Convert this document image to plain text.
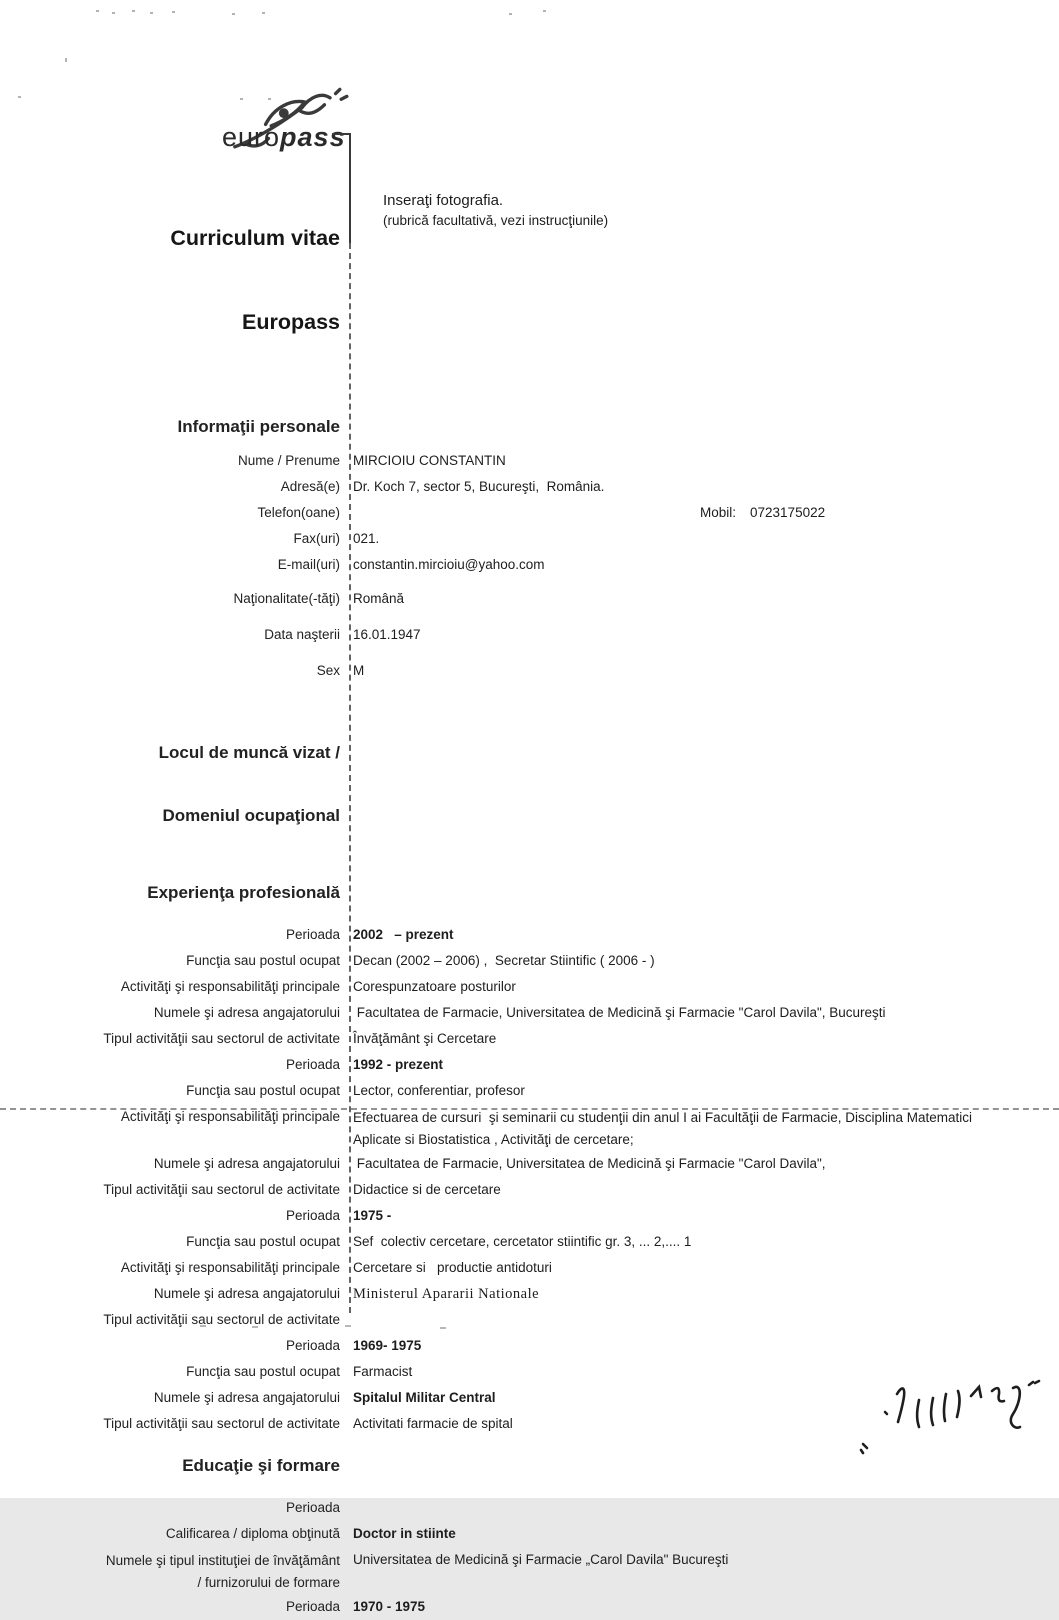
europass

Curriculum vitae

Europass

Inseraţi fotografia.
(rubrică facultativă, vezi instrucţiunile)

Informaţii personale
Nume / Prenume MIRCIOIU CONSTANTIN
Adresă(e) Dr. Koch 7, sector 5, Bucureşti,  România.
Telefon(oane)	Mobil: 0723175022
Fax(uri) 021.
E-mail(uri) constantin.mircioiu@yahoo.com
Naţionalitate(-tăţi) Română
Data naşterii 16.01.1947
Sex M

Locul de muncă vizat /

Domeniul ocupaţional

Experienţa profesională
Perioada 2002   – prezent
Funcţia sau postul ocupat Decan (2002 – 2006) ,  Secretar Stiintific ( 2006 - )
Activităţi şi responsabilităţi principale Corespunzatoare posturilor
Numele şi adresa angajatorului Facultatea de Farmacie, Universitatea de Medicină şi Farmacie "Carol Davila", Bucureşti
Tipul activităţii sau sectorul de activitate Învăţământ şi Cercetare
Perioada 1992 - prezent
Funcţia sau postul ocupat Lector, conferentiar, profesor
Activităţi şi responsabilităţi principale Efectuarea de cursuri  şi seminarii cu studenţii din anul I ai Facultăţii de Farmacie, Disciplina Matematici Aplicate si Biostatistica , Activităţi de cercetare;
Numele şi adresa angajatorului Facultatea de Farmacie, Universitatea de Medicină şi Farmacie "Carol Davila",
Tipul activităţii sau sectorul de activitate Didactice si de cercetare
Perioada 1975 -
Funcţia sau postul ocupat Sef  colectiv cercetare, cercetator stiintific gr. 3, ... 2,.... 1
Activităţi şi responsabilităţi principale Cercetare si   productie antidoturi
Numele şi adresa angajatorului Ministerul Apararii Nationale
Tipul activităţii sau sectorul de activitate
Perioada 1969- 1975
Funcţia sau postul ocupat Farmacist
Numele şi adresa angajatorului Spitalul Militar Central
Tipul activităţii sau sectorul de activitate Activitati farmacie de spital
Educaţie şi formare
Perioada
Calificarea / diploma obţinută Doctor in stiinte
Numele şi tipul instituţiei de învăţământ
/ furnizorului de formare
Universitatea de Medicină şi Farmacie „Carol Davila" Bucureşti
Perioada 1970 - 1975
